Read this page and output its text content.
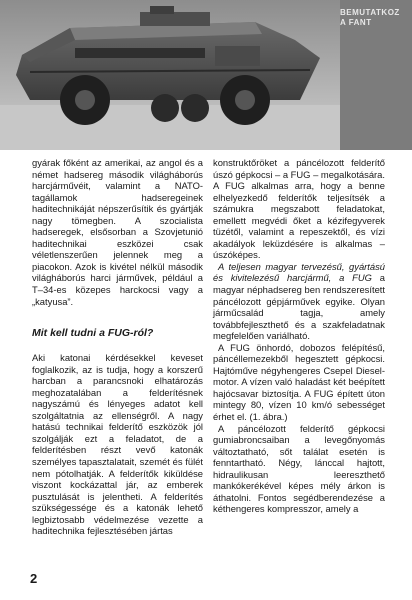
BEMUTATKOZ
A FANT

gyárak főként az amerikai, az angol és a német hadsereg második világháborús harcjárművéit, valamint a NATO-tagállamok hadseregeinek haditechnikáját népszerűsítik és gyártják nagy tömegben. A szocialista hadseregek, elsősorban a Szovjetunió haditechnikai eszközei csak véletlenszerűen jelennek meg a piacokon. Azok is kivétel nélkül második világháborús harci járművek, például a T–34-es közepes harckocsi vagy a „katyusa”.

Mit kell tudni a FUG-ról?

Aki katonai kérdésekkel keveset foglalkozik, az is tudja, hogy a korszerű harcban a parancsnoki elhatározás meghozatalában a felderítésnek nagyszámú és lényeges adatot kell szolgáltatnia az ellenségről. A nagy hatású technikai felderítő eszközök jól szolgálják ezt a feladatot, de a felderítésben részt vevő katonák személyes tapasztalatait, szemét és fülét nem pótolhatják. A felderítők kiküldése viszont kockázattal jár, az emberek pusztulását is jelentheti. A felderítés szükségessége és a katonák lehető legbiztosabb védelmezése vezette a haditechnika fejlesztésében jártas

konstruktőröket a páncélozott felderítő úszó gépkocsi – a FUG – megalkotására. A FUG alkalmas arra, hogy a benne elhelyezkedő felderítők teljesítsék a számukra megszabott feladatokat, emellett megvédi őket a kézifegyverek tüzétől, valamint a repeszektől, és vízi akadályok leküzdésére is alkalmas – úszóképes.

A teljesen magyar tervezésű, gyártású és kivitelezésű harcjármű, a FUG a magyar néphadsereg ben rendszeresített páncélozott gépjárművek egyike. Olyan járműcsalád tagja, amely továbbfejleszthető és a szakfeladatnak megfelelően variálható.

A FUG önhordó, dobozos felépítésű, páncéllemezekből hegesztett gépkocsi. Hajtóműve négyhengeres Csepel Diesel-motor. A vízen való haladást két beépített hajócsavar biztosítja. A FUG épített úton mintegy 80, vízen 10 km/ó sebességet érhet el. (1. ábra.)

A páncélozott felderítő gépkocsi gumiabroncsaiban a levegőnyomás változtatható, sőt találat esetén is fenntartható. Négy, lánccal hajtott, hidraulikusan leereszthető mankókerékével képes mély árkon is áthatolni. Fontos segédberendezése a kéthengeres kompresszor, amely a

2
